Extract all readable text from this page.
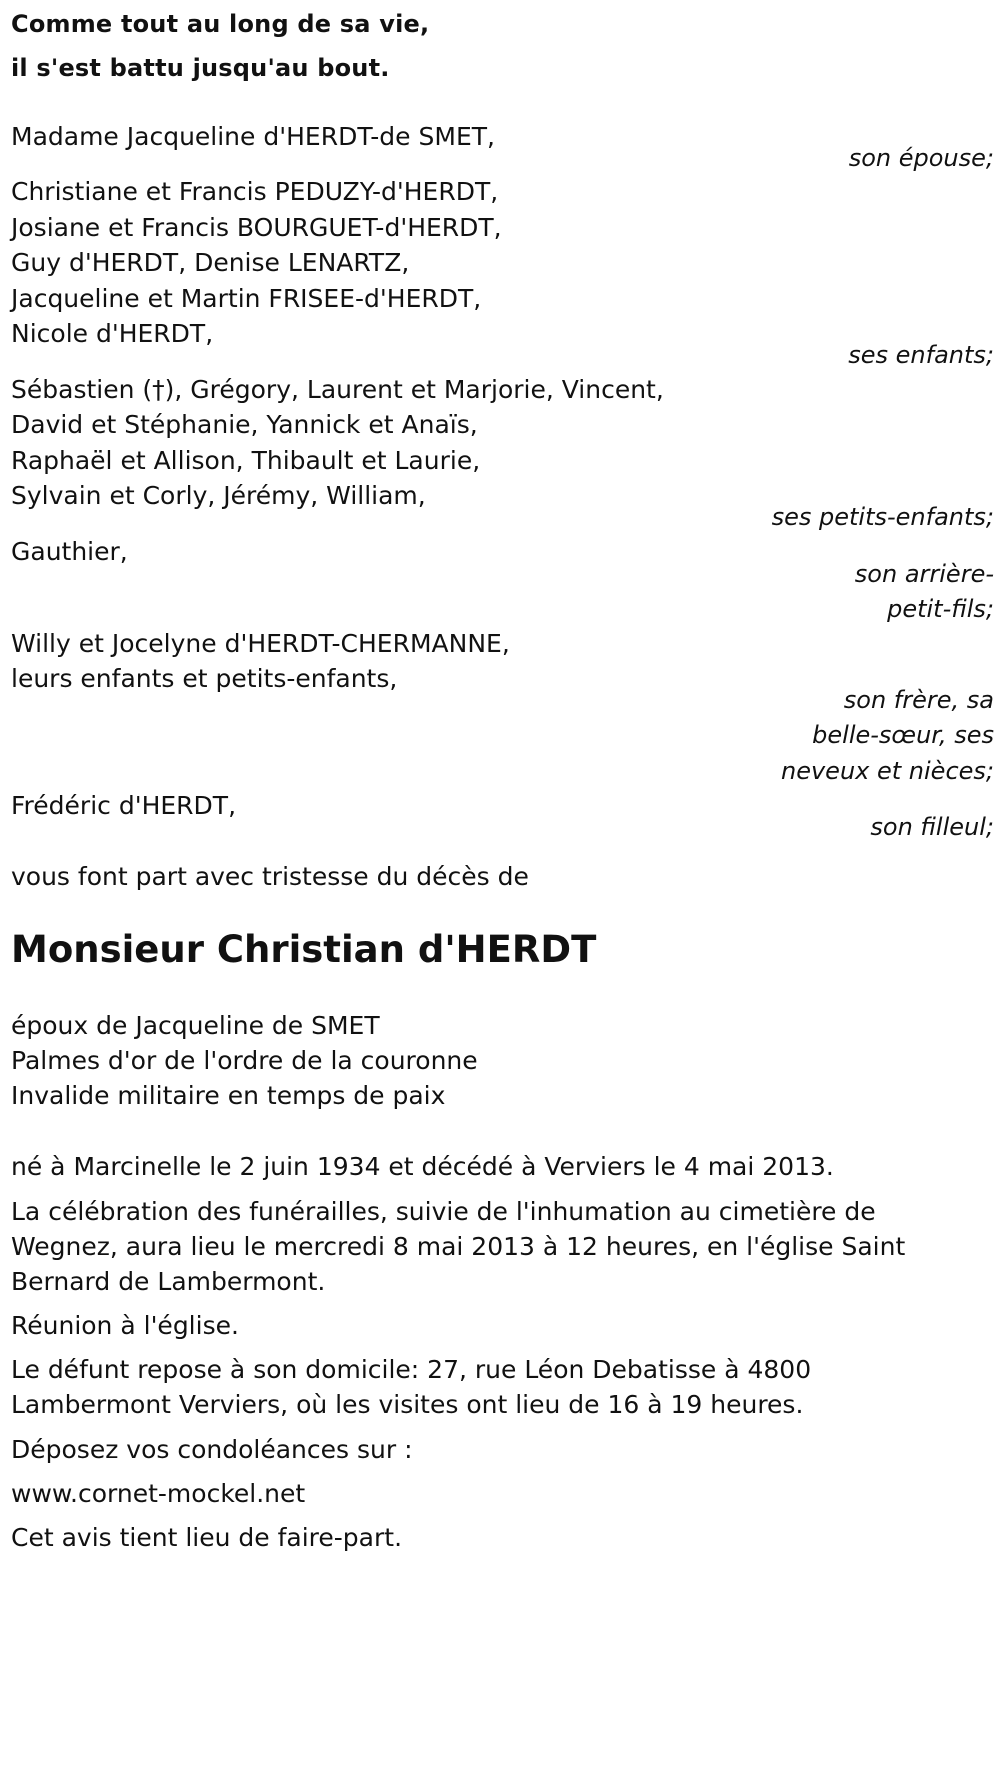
Comme tout au long de sa vie,
il s'est battu jusqu'au bout.
Madame Jacqueline d'HERDT-de SMET,
son épouse;
Christiane et Francis PEDUZY-d'HERDT,
Josiane et Francis BOURGUET-d'HERDT,
Guy d'HERDT, Denise LENARTZ,
Jacqueline et Martin FRISEE-d'HERDT,
Nicole d'HERDT,
ses enfants;
Sébastien (†), Grégory, Laurent et Marjorie, Vincent,
David et Stéphanie, Yannick et Anaïs,
Raphaël et Allison, Thibault et Laurie,
Sylvain et Corly, Jérémy, William,
ses petits-enfants;
Gauthier,
son arrière-
petit-fils;
Willy et Jocelyne d'HERDT-CHERMANNE,
leurs enfants et petits-enfants,
son frère, sa
belle-sœur, ses
neveux et nièces;
Frédéric d'HERDT,
son filleul;
vous font part avec tristesse du décès de
Monsieur Christian d'HERDT
époux de Jacqueline de SMET
Palmes d'or de l'ordre de la couronne
Invalide militaire en temps de paix
né à Marcinelle le 2 juin 1934 et décédé à Verviers le 4 mai 2013.
La célébration des funérailles, suivie de l'inhumation au cimetière de
Wegnez, aura lieu le mercredi 8 mai 2013 à 12 heures, en l'église Saint
Bernard de Lambermont.
Réunion à l'église.
Le défunt repose à son domicile: 27, rue Léon Debatisse à 4800
Lambermont Verviers, où les visites ont lieu de 16 à 19 heures.
Déposez vos condoléances sur :
www.cornet-mockel.net
Cet avis tient lieu de faire-part.
